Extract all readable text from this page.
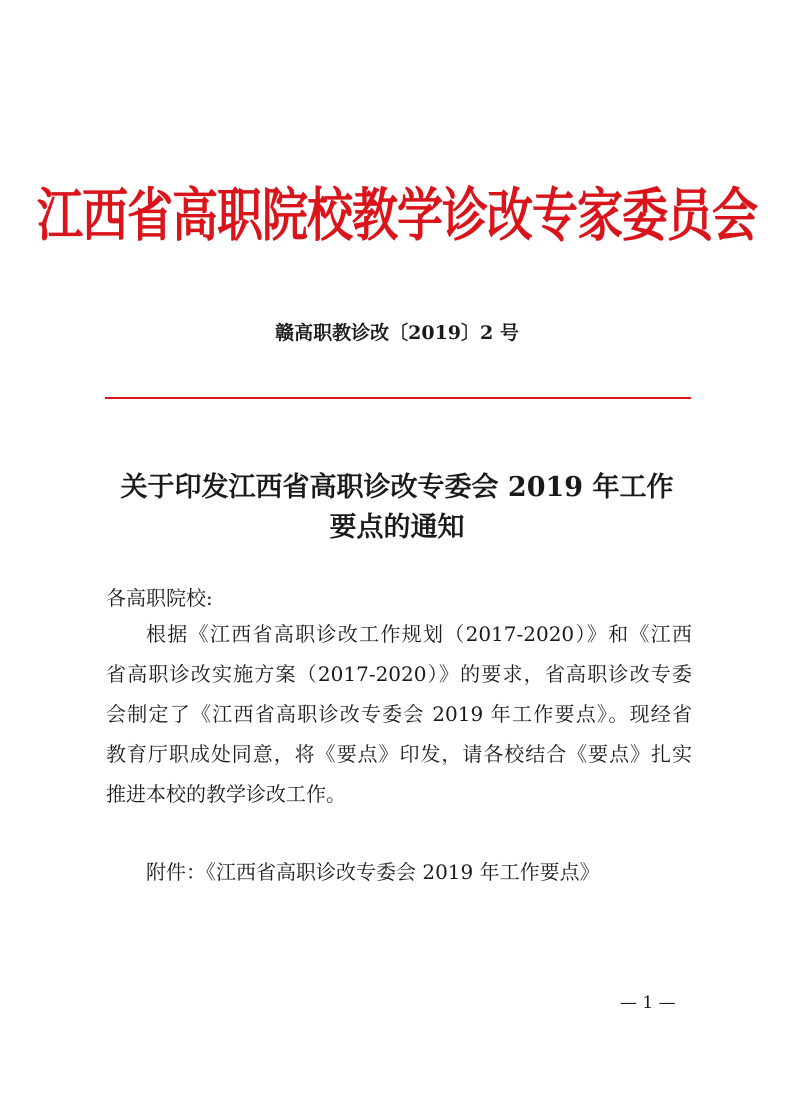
江西省高职院校教学诊改专家委员会
赣高职教诊改〔2019〕2 号
关于印发江西省高职诊改专委会 2019 年工作
要点的通知
各高职院校:
根据《江西省高职诊改工作规划（2017-2020）》和《江西
省高职诊改实施方案（2017-2020）》的要求，省高职诊改专委
会制定了《江西省高职诊改专委会 2019 年工作要点》。现经省
教育厅职成处同意，将《要点》印发，请各校结合《要点》扎实
推进本校的教学诊改工作。
附件：《江西省高职诊改专委会 2019 年工作要点》
— 1 —
